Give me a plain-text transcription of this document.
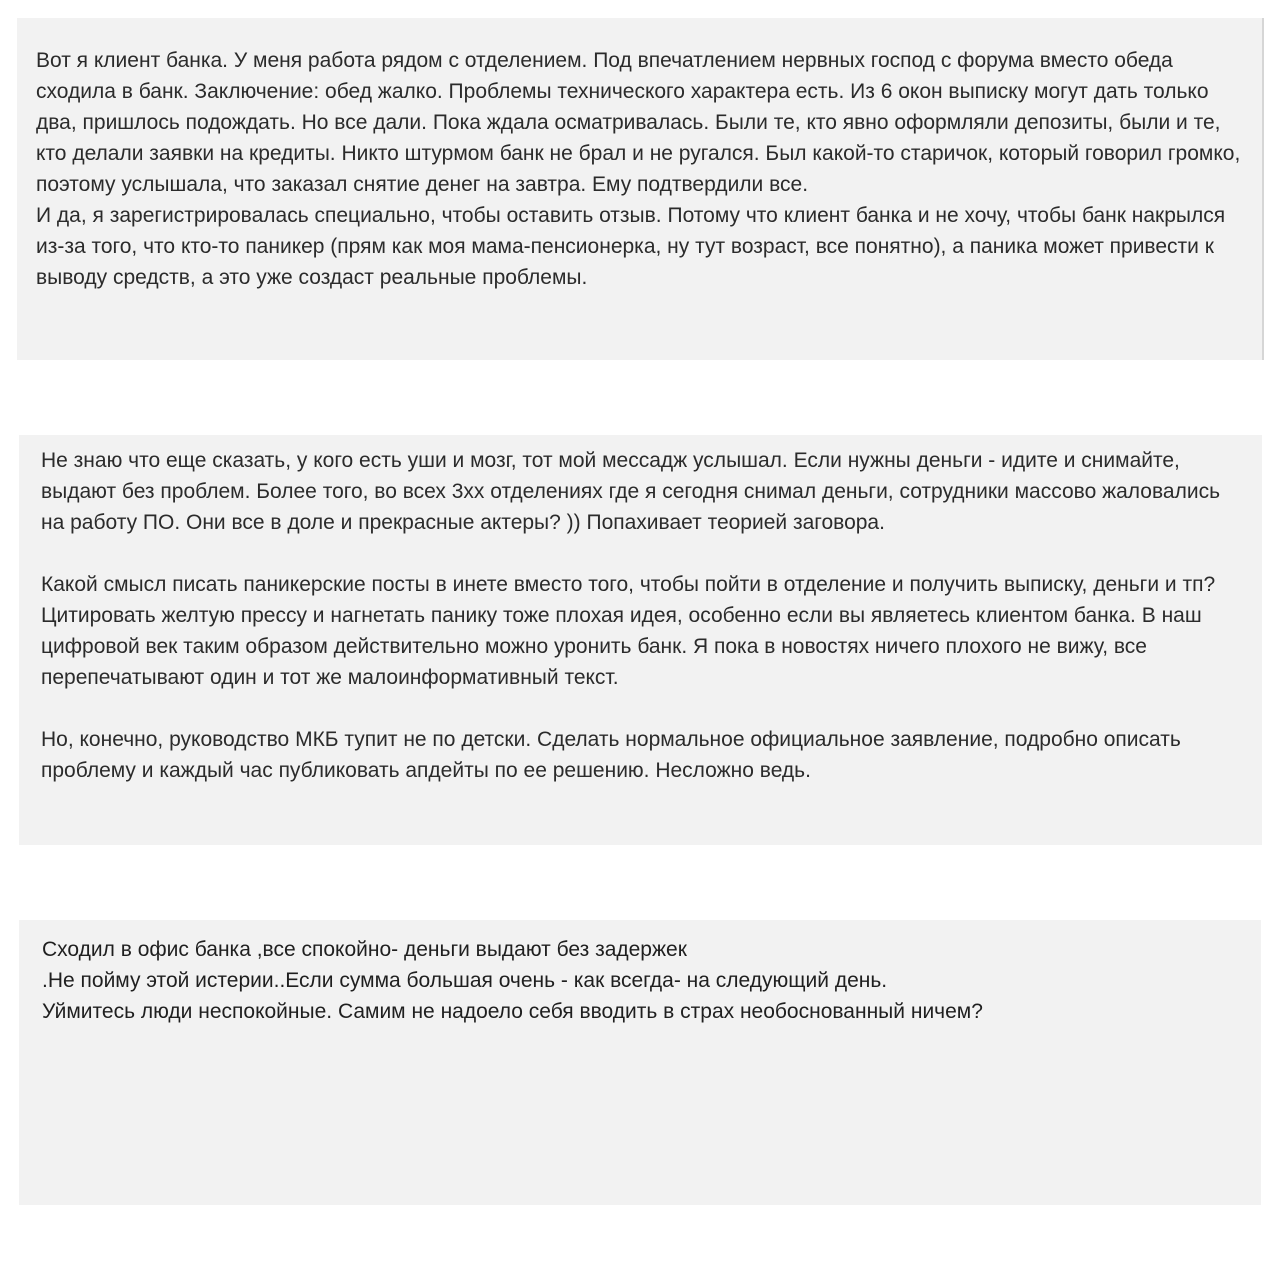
Вот я клиент банка. У меня работа рядом с отделением. Под впечатлением нервных господ с форума вместо обеда сходила в банк. Заключение: обед жалко. Проблемы технического характера есть. Из 6 окон выписку могут дать только два, пришлось подождать. Но все дали. Пока ждала осматривалась. Были те, кто явно оформляли депозиты, были и те, кто делали заявки на кредиты. Никто штурмом банк не брал и не ругался. Был какой-то старичок, который говорил громко, поэтому услышала, что заказал снятие денег на завтра. Ему подтвердили все.
И да, я зарегистрировалась специально, чтобы оставить отзыв. Потому что клиент банка и не хочу, чтобы банк накрылся из-за того, что кто-то паникер (прям как моя мама-пенсионерка, ну тут возраст, все понятно), а паника может привести к выводу средств, а это уже создаст реальные проблемы.

Не знаю что еще сказать, у кого есть уши и мозг, тот мой мессадж услышал. Если нужны деньги - идите и снимайте, выдают без проблем. Более того, во всех 3хх отделениях где я сегодня снимал деньги, сотрудники массово жаловались на работу ПО. Они все в доле и прекрасные актеры? )) Попахивает теорией заговора.

Какой смысл писать паникерские посты в инете вместо того, чтобы пойти в отделение и получить выписку, деньги и тп? Цитировать желтую прессу и нагнетать панику тоже плохая идея, особенно если вы являетесь клиентом банка. В наш цифровой век таким образом действительно можно уронить банк. Я пока в новостях ничего плохого не вижу, все перепечатывают один и тот же малоинформативный текст.

Но, конечно, руководство МКБ тупит не по детски. Сделать нормальное официальное заявление, подробно описать проблему и каждый час публиковать апдейты по ее решению. Несложно ведь.

Сходил в офис банка ,все спокойно- деньги выдают без задержек
.Не пойму этой истерии..Если сумма большая очень - как всегда- на следующий день.
Уймитесь люди неспокойные. Самим не надоело себя вводить в страх необоснованный ничем?
